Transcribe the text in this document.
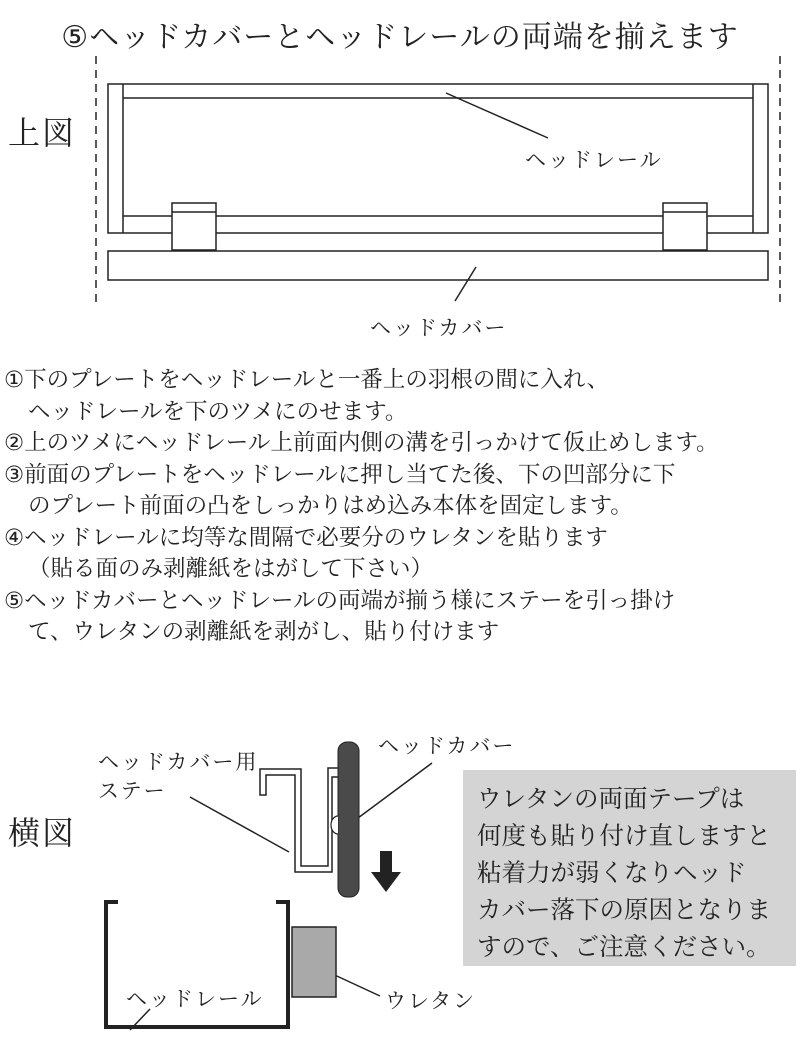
⑤ヘッドカバーとヘッドレールの両端を揃えます
上図
ヘッドレール
ヘッドカバー
①下のプレートをヘッドレールと一番上の羽根の間に入れ、
ヘッドレールを下のツメにのせます。
②上のツメにヘッドレール上前面内側の溝を引っかけて仮止めします。
③前面のプレートをヘッドレールに押し当てた後、下の凹部分に下
のプレート前面の凸をしっかりはめ込み本体を固定します。
④ヘッドレールに均等な間隔で必要分のウレタンを貼ります
（貼る面のみ剥離紙をはがして下さい）
⑤ヘッドカバーとヘッドレールの両端が揃う様にステーを引っ掛け
て、ウレタンの剥離紙を剥がし、貼り付けます
横図
ヘッドカバー用
ステー
ヘッドカバー
ヘッドレール	ウレタン
ウレタンの両面テープは
何度も貼り付け直しますと
粘着力が弱くなりヘッド
カバー落下の原因となりま
すので、ご注意ください。
